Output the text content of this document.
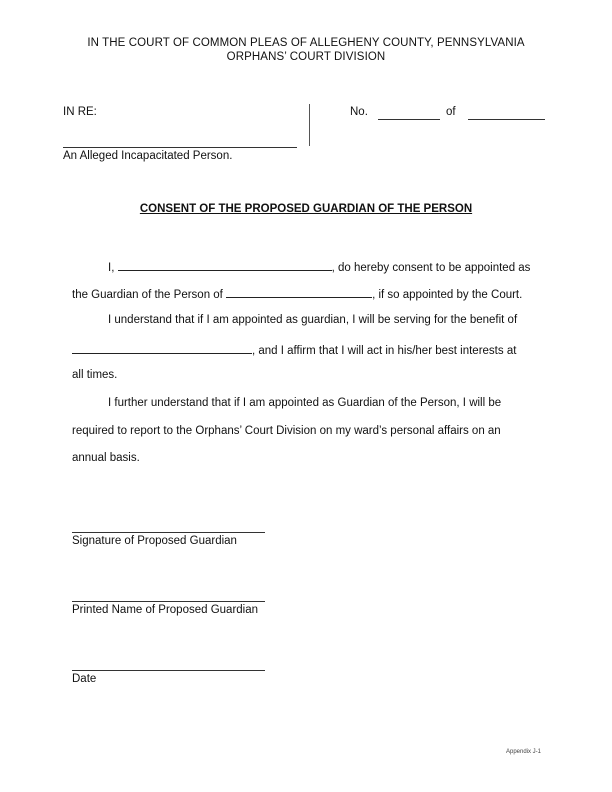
IN THE COURT OF COMMON PLEAS OF ALLEGHENY COUNTY, PENNSYLVANIA
ORPHANS’ COURT DIVISION
IN RE:
An Alleged Incapacitated Person.
No.	of
CONSENT OF THE PROPOSED GUARDIAN OF THE PERSON
I,	, do hereby consent to be appointed as
the Guardian of the Person of	, if so appointed by the Court.
I understand that if I am appointed as guardian, I will be serving for the benefit of
, and I affirm that I will act in his/her best interests at
all times.
I further understand that if I am appointed as Guardian of the Person, I will be
required to report to the Orphans’ Court Division on my ward’s personal affairs on an
annual basis.
Signature of Proposed Guardian
Printed Name of Proposed Guardian
Date
Appendix J-1
